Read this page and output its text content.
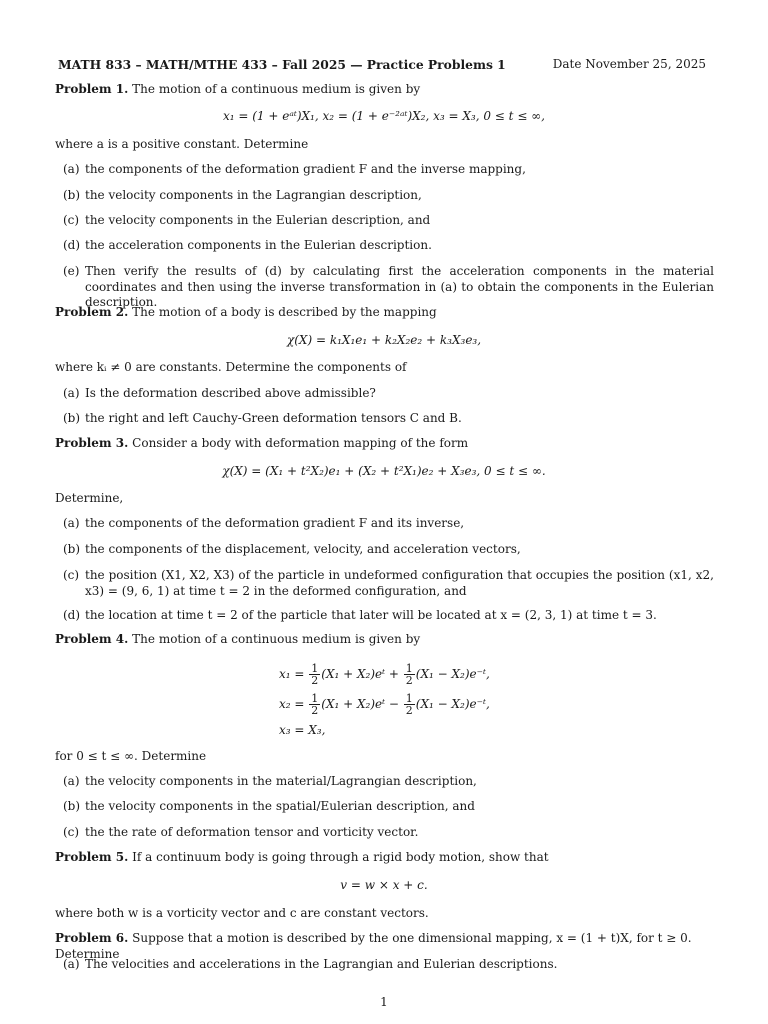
MATH 833 – MATH/MTHE 433 – Fall 2025 — Practice Problems 1	Date November 25, 2025
Problem 1. The motion of a continuous medium is given by
x₁ = (1 + eᵃᵗ)X₁, x₂ = (1 + e⁻²ᵃᵗ)X₂, x₃ = X₃, 0 ≤ t ≤ ∞,
where a is a positive constant. Determine
(a) the components of the deformation gradient F and the inverse mapping,
(b) the velocity components in the Lagrangian description,
(c) the velocity components in the Eulerian description, and
(d) the acceleration components in the Eulerian description.
(e) Then verify the results of (d) by calculating first the acceleration components in the material coordinates and then using the inverse transformation in (a) to obtain the components in the Eulerian description.
Problem 2. The motion of a body is described by the mapping
χ(X) = k₁X₁e₁ + k₂X₂e₂ + k₃X₃e₃,
where kᵢ ≠ 0 are constants. Determine the components of
(a) Is the deformation described above admissible?
(b) the right and left Cauchy-Green deformation tensors C and B.
Problem 3. Consider a body with deformation mapping of the form
χ(X) = (X₁ + t²X₂)e₁ + (X₂ + t²X₁)e₂ + X₃e₃, 0 ≤ t ≤ ∞.
Determine,
(a) the components of the deformation gradient F and its inverse,
(b) the components of the displacement, velocity, and acceleration vectors,
(c) the position (X1, X2, X3) of the particle in undeformed configuration that occupies the position (x1, x2, x3) = (9, 6, 1) at time t = 2 in the deformed configuration, and
(d) the location at time t = 2 of the particle that later will be located at x = (2, 3, 1) at time t = 3.
Problem 4. The motion of a continuous medium is given by
$x_1 = \frac{1}{2} (X_1$ + X₂)eᵗ + $\frac{1}{2} (X_1$ − X₂)e⁻ᵗ,
$x_2 = \frac{1}{2} (X_1$ + X₂)eᵗ − $\frac{1}{2} (X_1$ − X₂)e⁻ᵗ,
x₃ = X₃,
for 0 ≤ t ≤ ∞. Determine
(a) the velocity components in the material/Lagrangian description,
(b) the velocity components in the spatial/Eulerian description, and
(c) the the rate of deformation tensor and vorticity vector.
Problem 5. If a continuum body is going through a rigid body motion, show that
v = w × x + c.
where both w is a vorticity vector and c are constant vectors.
Problem 6. Suppose that a motion is described by the one dimensional mapping, x = (1 + t)X, for t ≥ 0. Determine
(a) The velocities and accelerations in the Lagrangian and Eulerian descriptions.
1
